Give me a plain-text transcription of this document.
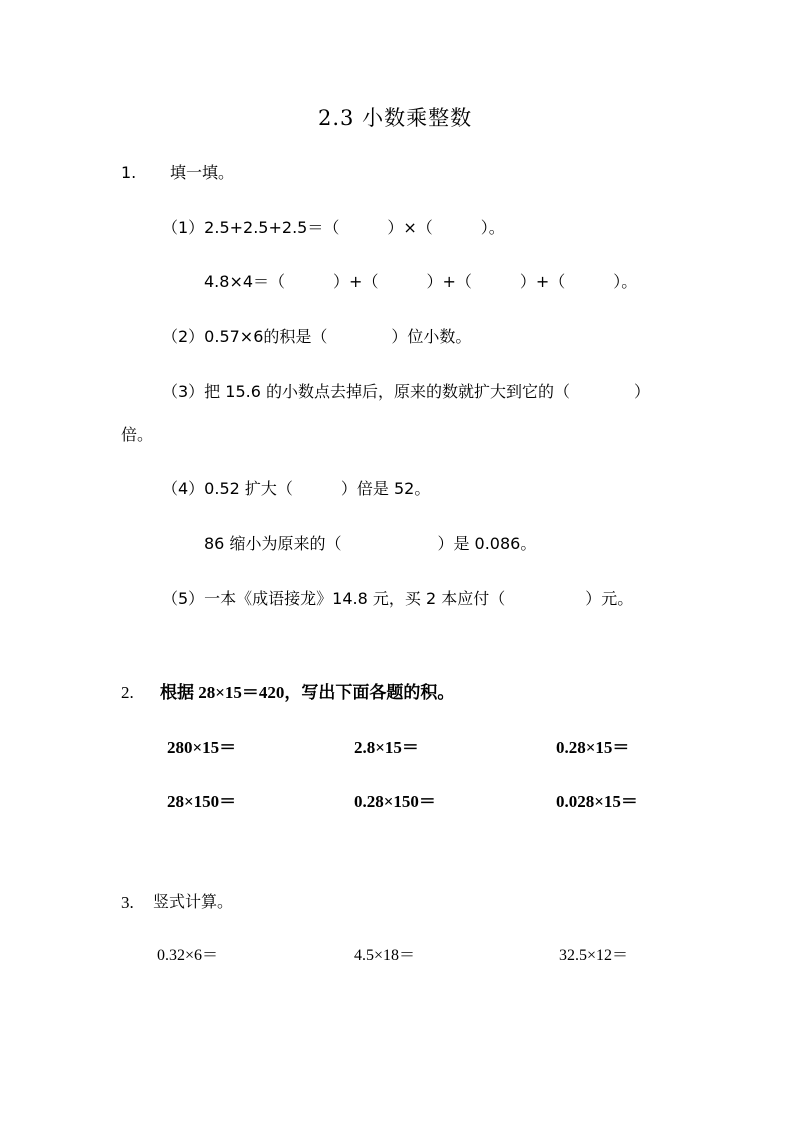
2.3 小数乘整数
1. 填一填。
（1）2.5+2.5+2.5＝（　　　）×（　　　）。
4.8×4＝（　　　）+（　　　）+（　　　）+（　　　）。
（2）0.57×6的积是（　　　　）位小数。
（3）把 15.6 的小数点去掉后，原来的数就扩大到它的（　　　　）
倍。
（4）0.52 扩大（　　　）倍是 52。
86 缩小为原来的（　　　　　　）是 0.086。
（5）一本《成语接龙》14.8 元，买 2 本应付（　　　　　）元。
2. 根据 28×15＝420，写出下面各题的积。
280×15＝	2.8×15＝	0.28×15＝
28×150＝	0.28×150＝	0.028×15＝
3. 竖式计算。
0.32×6＝	4.5×18＝	32.5×12＝
